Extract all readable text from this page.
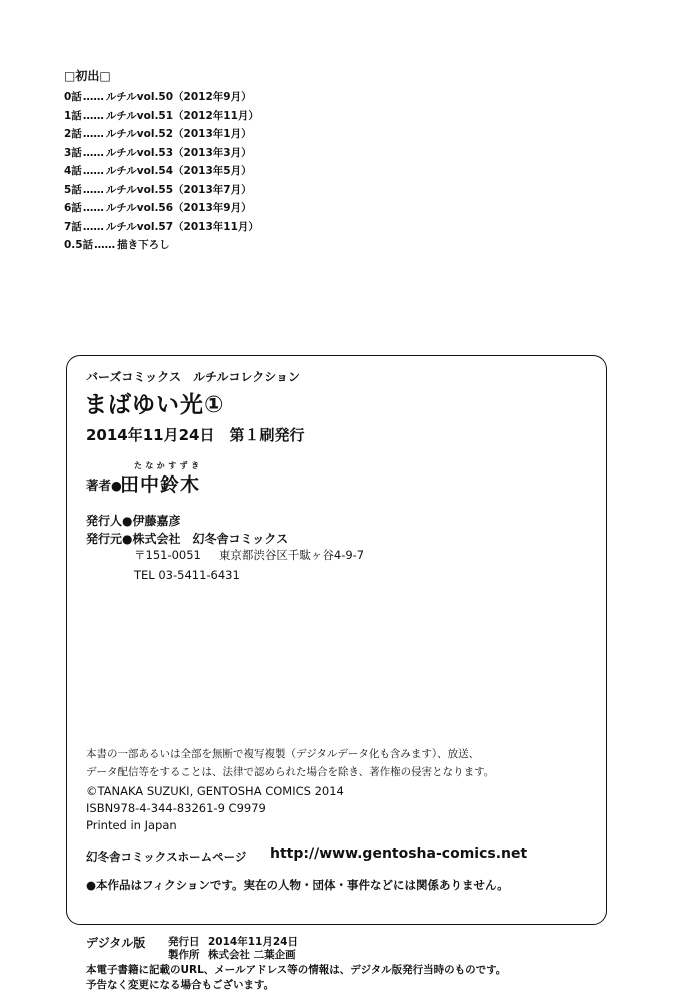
□初出□
0話…… ルチルvol.50（2012年9月）
1話…… ルチルvol.51（2012年11月）
2話…… ルチルvol.52（2013年1月）
3話…… ルチルvol.53（2013年3月）
4話…… ルチルvol.54（2013年5月）
5話…… ルチルvol.55（2013年7月）
6話…… ルチルvol.56（2013年9月）
7話…… ルチルvol.57（2013年11月）
0.5話…… 描き下ろし
バーズコミックス　ルチルコレクション
まばゆい光①
2014年11月24日　第１刷発行
たなかすずき
著者●
田中鈴木
発行人●伊藤嘉彦
発行元●株式会社　幻冬舎コミックス
〒151-0051 東京都渋谷区千駄ヶ谷4-9-7
TEL 03-5411-6431
本書の一部あるいは全部を無断で複写複製（デジタルデータ化も含みます）、放送、
データ配信等をすることは、法律で認められた場合を除き、著作権の侵害となります。
©TANAKA SUZUKI, GENTOSHA COMICS 2014
ISBN978-4-344-83261-9 C9979
Printed in Japan
幻冬舎コミックスホームページ http://www.gentosha-comics.net
●本作品はフィクションです。実在の人物・団体・事件などには関係ありません。
デジタル版 発行日 2014年11月24日
製作所 株式会社 二葉企画
本電子書籍に記載のURL、メールアドレス等の情報は、デジタル版発行当時のものです。
予告なく変更になる場合もございます。
